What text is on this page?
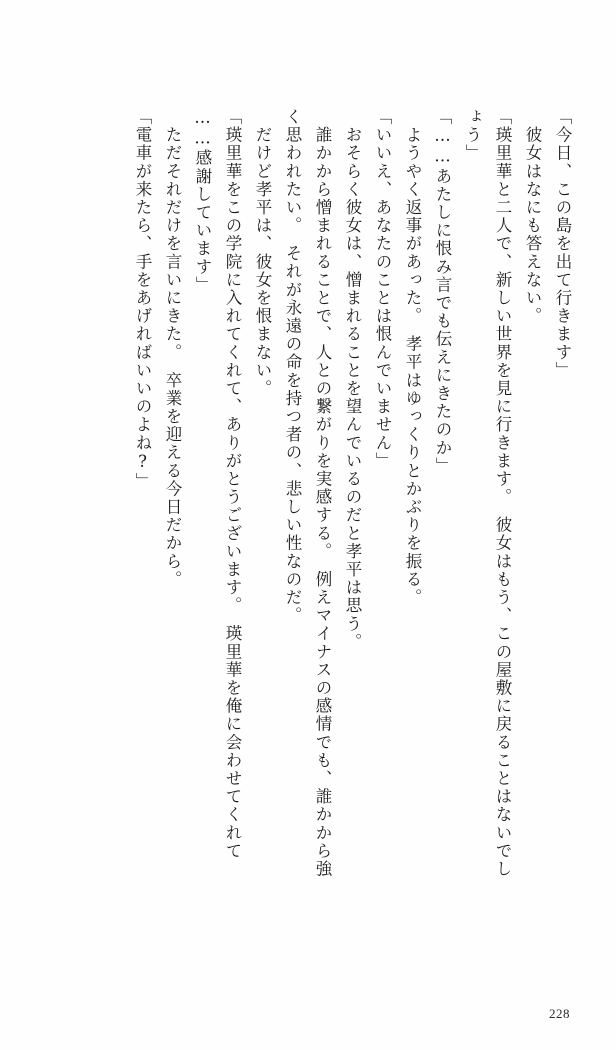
「今日、この島を出て行きます」
　彼女はなにも答えない。
「瑛里華と二人で、新しい世界を見に行きます。　彼女はもう、この屋敷に戻ることはないでし
ょう」
「……あたしに恨み言でも伝えにきたのか」
　ようやく返事があった。　孝平はゆっくりとかぶりを振る。
「いいえ、あなたのことは恨んでいません」
　おそらく彼女は、憎まれることを望んでいるのだと孝平は思う。
　誰かから憎まれることで、人との繋がりを実感する。　例えマイナスの感情でも、誰かから強
く思われたい。　それが永遠の命を持つ者の、悲しい性なのだ。
　だけど孝平は、彼女を恨まない。
「瑛里華をこの学院に入れてくれて、ありがとうございます。　瑛里華を俺に会わせてくれて
……感謝しています」
　ただそれだけを言いにきた。　卒業を迎える今日だから。
「電車が来たら、手をあげればいいのよね?」
228
